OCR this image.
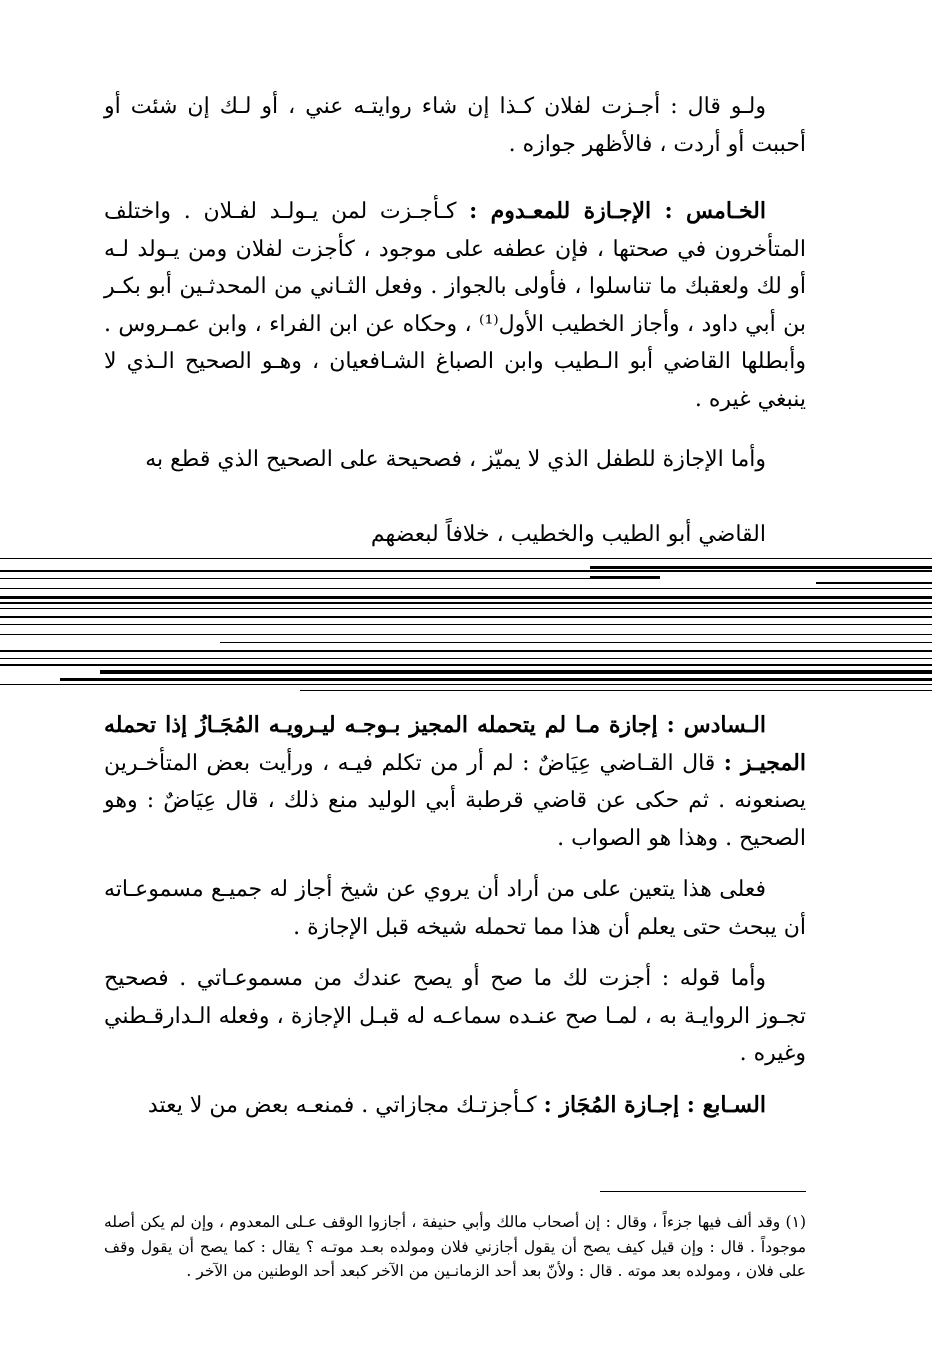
ولـو قال : أجـزت لفلان كـذا إن شاء روايتـه عني ، أو لـك إن شئت أو أحببت أو أردت ، فالأظهر جوازه .

الخـامس : الإجـازة للمعـدوم : كـأجـزت لمن يـولـد لفـلان . واختلف المتأخرون في صحتها ، فإن عطفه على موجود ، كأجزت لفلان ومن يـولد لـه أو لك ولعقبك ما تناسلوا ، فأولى بالجواز . وفعل الثـاني من المحدثـين أبو بكـر بن أبي داود ، وأجاز الخطيب الأول⁽¹⁾ ، وحكاه عن ابن الفراء ، وابن عمـروس . وأبطلها القاضي أبو الـطيب وابن الصباغ الشـافعيان ، وهـو الصحيح الـذي لا ينبغي غيره .

وأما الإجازة للطفل الذي لا يميّز ، فصحيحة على الصحيح الذي قطع به

القاضي أبو الطيب والخطيب ، خلافاً لبعضهم

الـسادس : إجازة مـا لم يتحمله المجيز بـوجـه ليـرويـه المُجَـازُ إذا تحمله المجيـز : قال القـاضي عِيَاضٌ : لم أر من تكلم فيـه ، ورأيت بعض المتأخـرين يصنعونه . ثم حكى عن قاضي قرطبة أبي الوليد منع ذلك ، قال عِيَاضٌ : وهو الصحيح . وهذا هو الصواب .

فعلى هذا يتعين على من أراد أن يروي عن شيخ أجاز له جميـع مسموعـاته أن يبحث حتى يعلم أن هذا مما تحمله شيخه قبل الإجازة .

وأما قوله : أجزت لك ما صح أو يصح عندك من مسموعـاتي . فصحيح تجـوز الروايـة به ، لمـا صح عنـده سماعـه له قبـل الإجازة ، وفعله الـدارقـطني وغيره .

السـابع : إجـازة المُجَاز : كـأجزتـك مجازاتي . فمنعـه بعض من لا يعتد

(١) وقد ألف فيها جزءاً ، وقال : إن أصحاب مالك وأبي حنيفة ، أجازوا الوقف عـلى المعدوم ، وإن لم يكن أصله موجوداً . قال : وإن قيل كيف يصح أن يقول أجازني فلان ومولده بعـد موتـه ؟ يقال : كما يصح أن يقول وقف على فلان ، ومولده بعد موته . قال : ولأنّ بعد أحد الزمانـين من الآخر كبعد أحد الوطنين من الآخر .
